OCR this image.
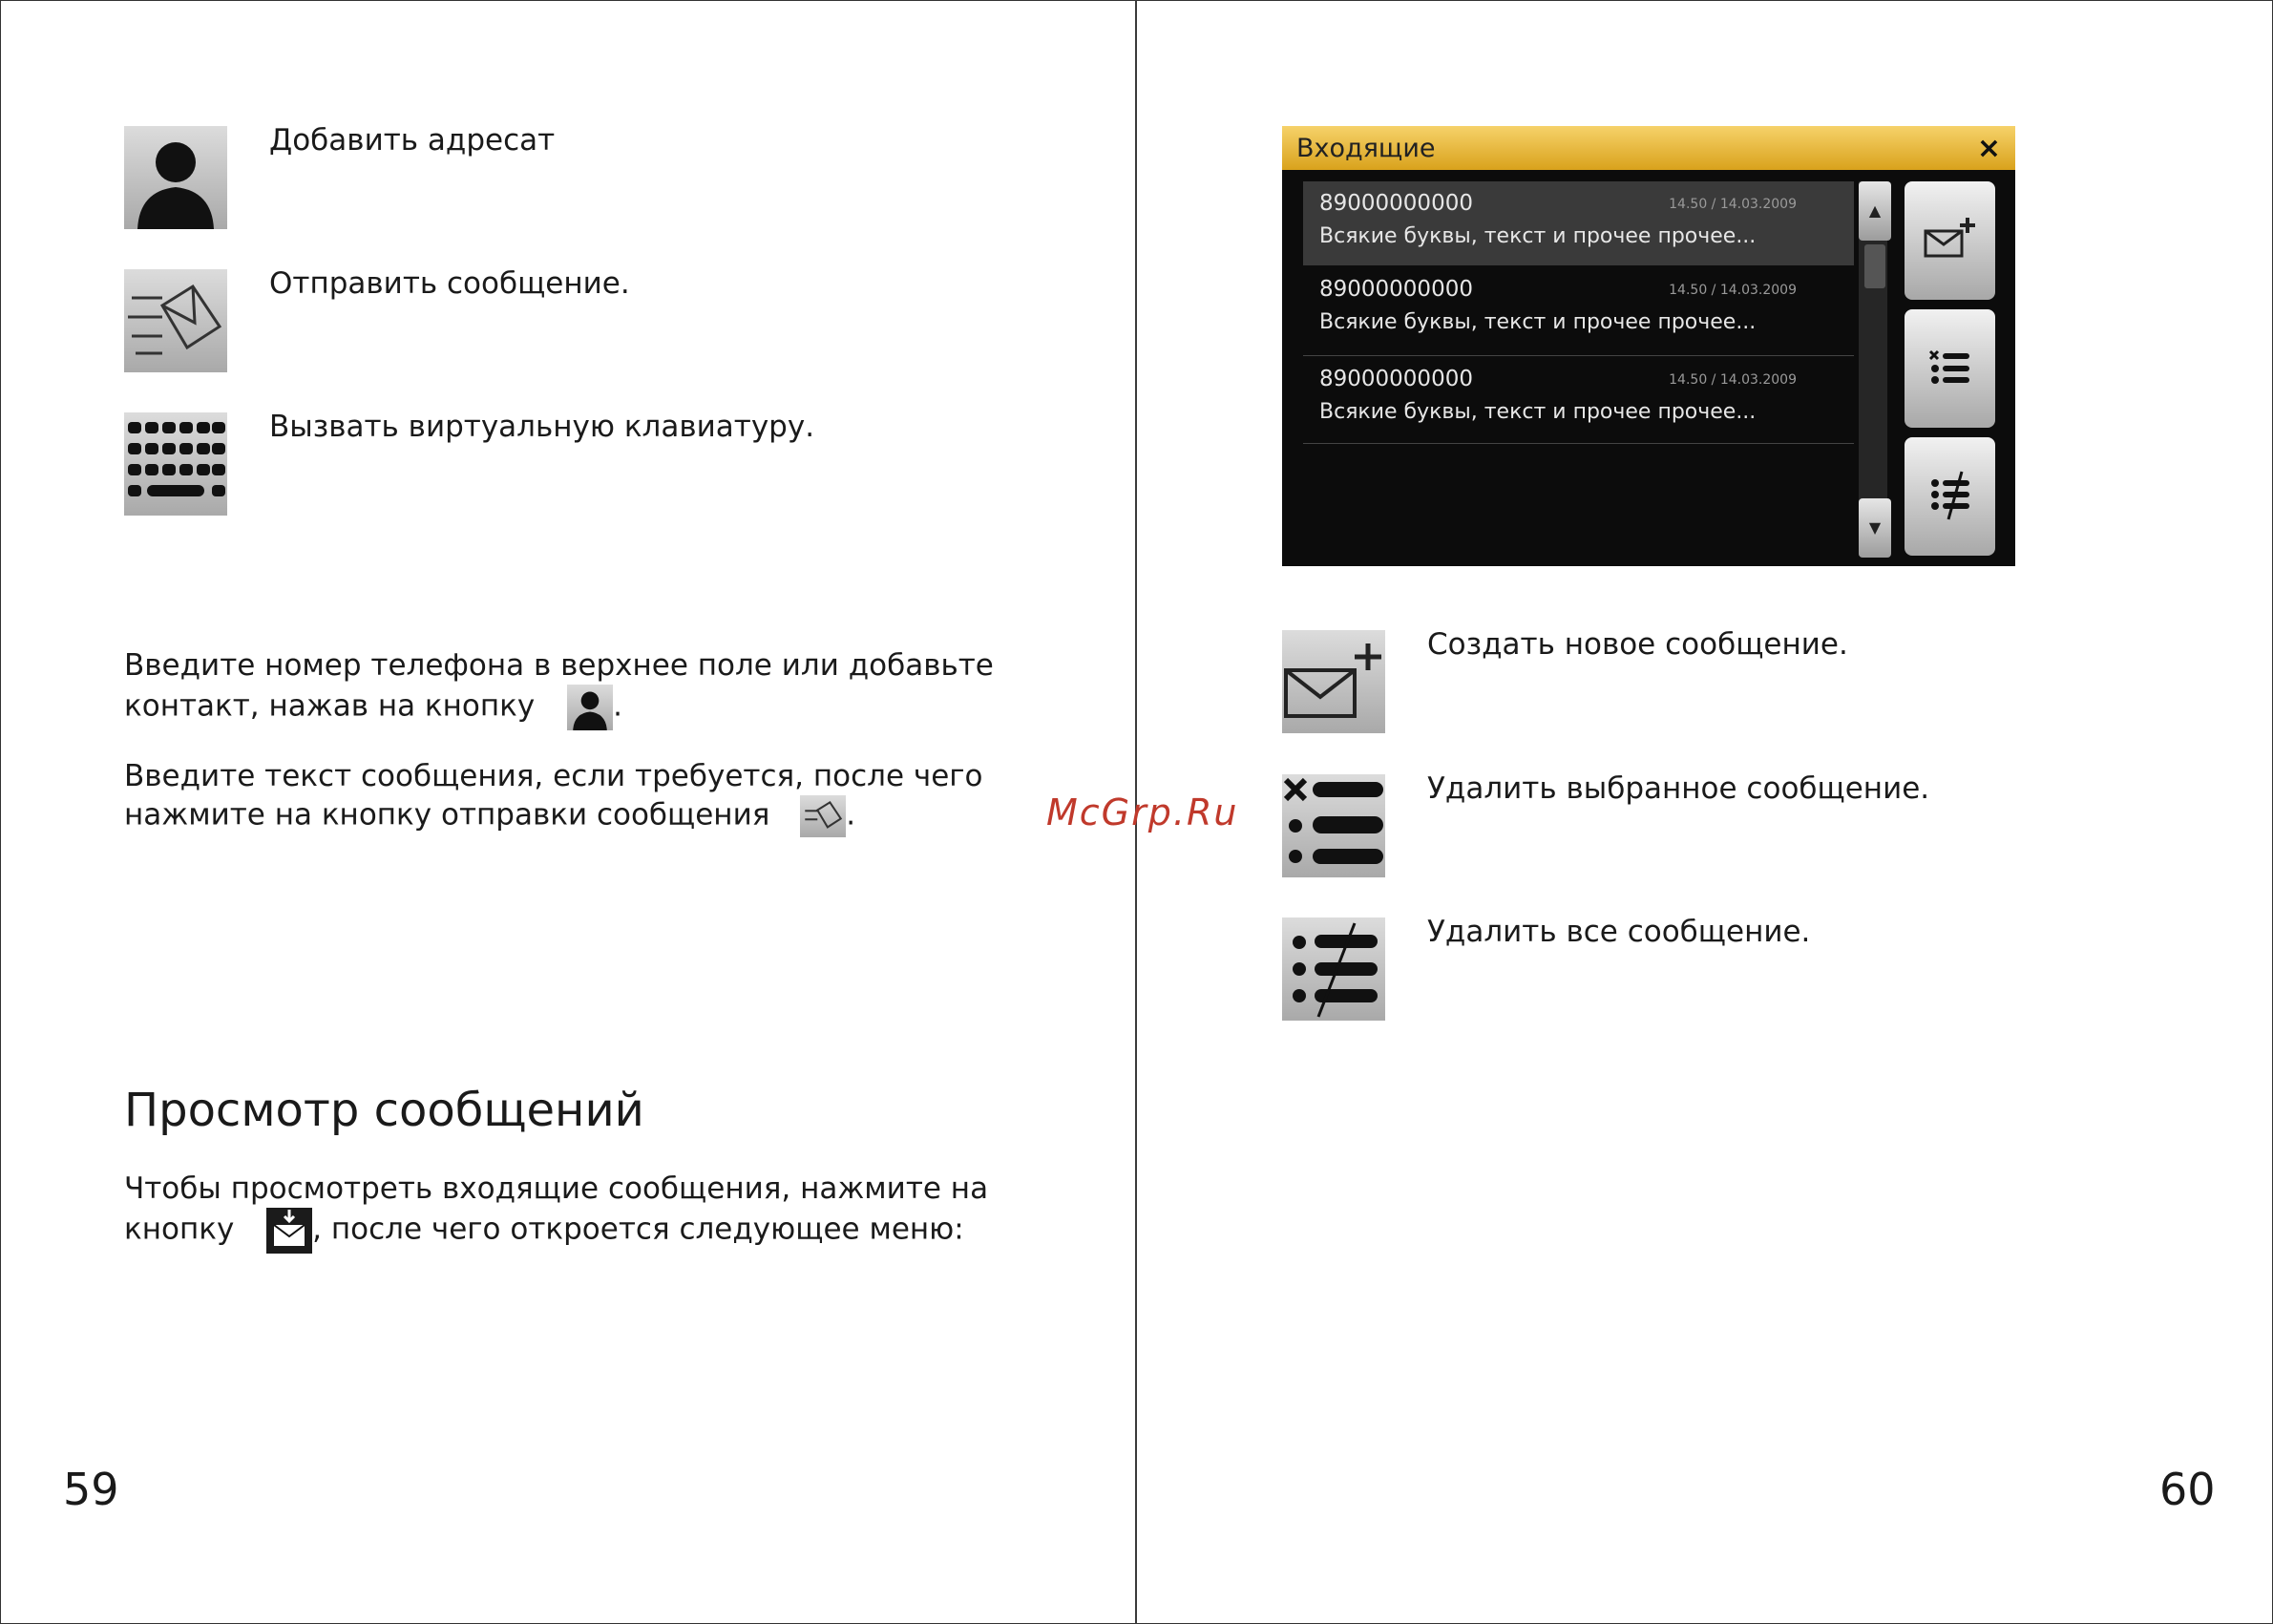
Добавить адресат
Отправить сообщение.
Вызвать виртуальную клавиатуру.
Введите номер телефона в верхнее поле или добавьте
контакт, нажав на кнопку	.
Введите текст сообщения, если требуется, после чего
нажмите на кнопку отправки сообщения	.
Просмотр сообщений
Чтобы просмотреть входящие сообщения, нажмите на
кнопку	, после чего откроется следующее меню:
59
Входящие	×
89000000000	14.50 / 14.03.2009
Всякие буквы, текст и прочее прочее...
89000000000	14.50 / 14.03.2009
Всякие буквы, текст и прочее прочее...
89000000000	14.50 / 14.03.2009
Всякие буквы, текст и прочее прочее...
▲
▼
Создать новое сообщение.
Удалить выбранное сообщение.
Удалить все сообщение.
60
McGrp.Ru
